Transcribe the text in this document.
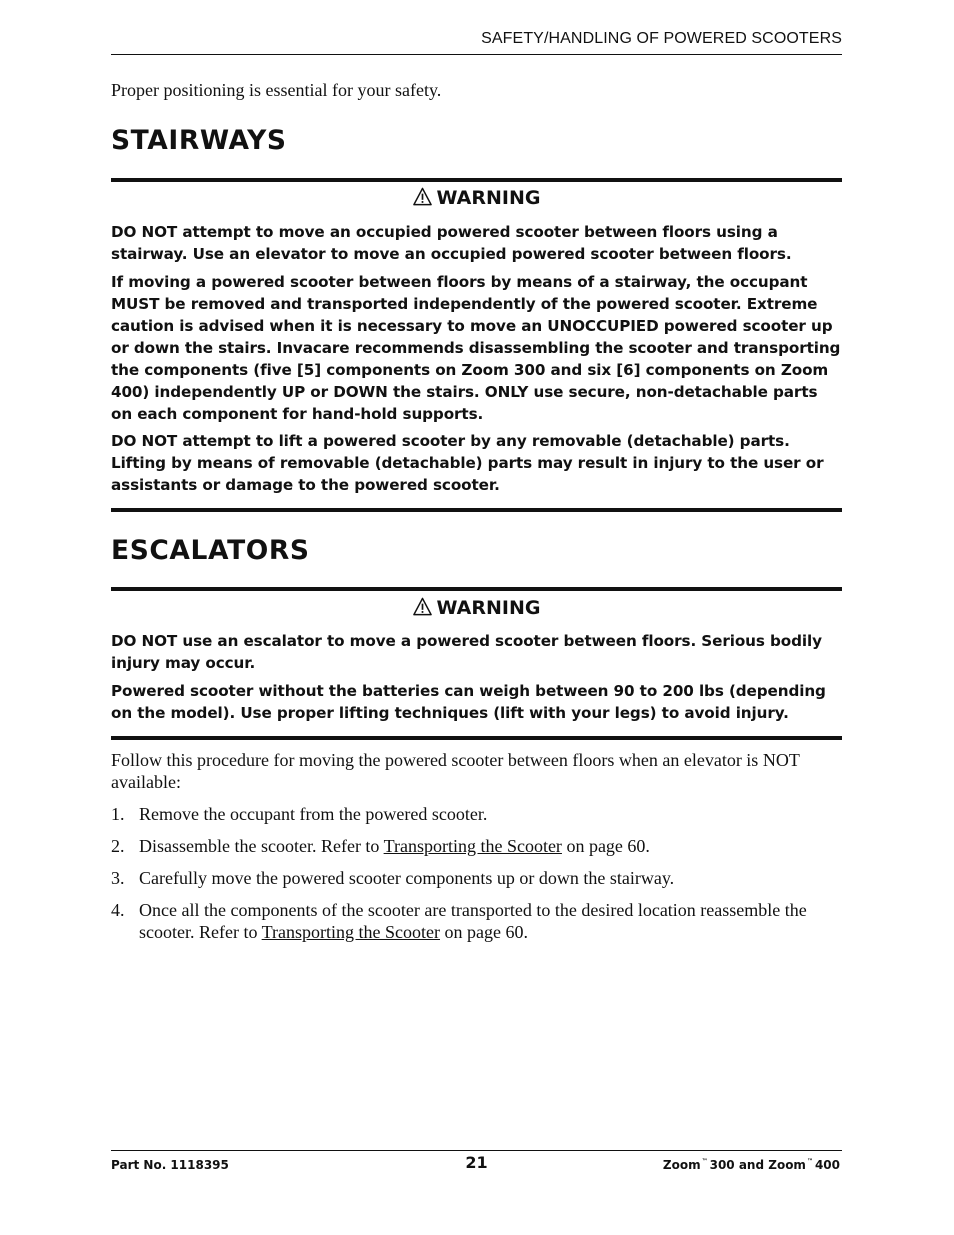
SAFETY/HANDLING OF POWERED SCOOTERS
Proper positioning is essential for your safety.
STAIRWAYS
WARNING

DO NOT attempt to move an occupied powered scooter between floors using a stairway. Use an elevator to move an occupied powered scooter between floors.

If moving a powered scooter between floors by means of a stairway, the occupant MUST be removed and transported independently of the powered scooter. Extreme caution is advised when it is necessary to move an UNOCCUPIED powered scooter up or down the stairs. Invacare recommends disassembling the scooter and transporting the components (five [5] components on Zoom 300 and six [6] components on Zoom 400) independently UP or DOWN the stairs. ONLY use secure, non-detachable parts on each component for hand-hold supports.

DO NOT attempt to lift a powered scooter by any removable (detachable) parts. Lifting by means of removable (detachable) parts may result in injury to the user or assistants or damage to the powered scooter.

ESCALATORS
WARNING

DO NOT use an escalator to move a powered scooter between floors. Serious bodily injury may occur.

Powered scooter without the batteries can weigh between 90 to 200 lbs (depending on the model). Use proper lifting techniques (lift with your legs) to avoid injury.

Follow this procedure for moving the powered scooter between floors when an elevator is NOT available:
1. Remove the occupant from the powered scooter.
2. Disassemble the scooter. Refer to Transporting the Scooter on page 60.
3. Carefully move the powered scooter components up or down the stairway.
4. Once all the components of the scooter are transported to the desired location reassemble the scooter. Refer to Transporting the Scooter on page 60.
Part No. 1118395	21	Zoom™ 300 and Zoom™ 400
